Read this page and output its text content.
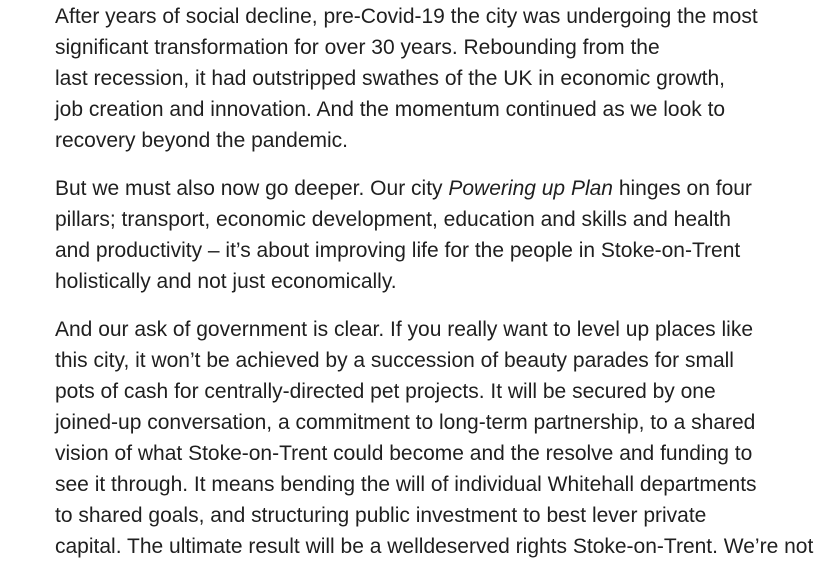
After years of social decline, pre-Covid-19 the city was undergoing the most
significant transformation for over 30 years. Rebounding from the
last recession, it had outstripped swathes of the UK in economic growth,
job creation and innovation. And the momentum continued as we look to
recovery beyond the pandemic.

But we must also now go deeper. Our city Powering up Plan hinges on four
pillars; transport, economic development, education and skills and health
and productivity – it’s about improving life for the people in Stoke-on-Trent
holistically and not just economically.

And our ask of government is clear. If you really want to level up places like
this city, it won’t be achieved by a succession of beauty parades for small
pots of cash for centrally-directed pet projects. It will be secured by one
joined-up conversation, a commitment to long-term partnership, to a shared
vision of what Stoke-on-Trent could become and the resolve and funding to
see it through. It means bending the will of individual Whitehall departments
to shared goals, and structuring public investment to best lever private
capital. The ultimate result will be a welldeserved rights Stoke-on-Trent. We’re not
